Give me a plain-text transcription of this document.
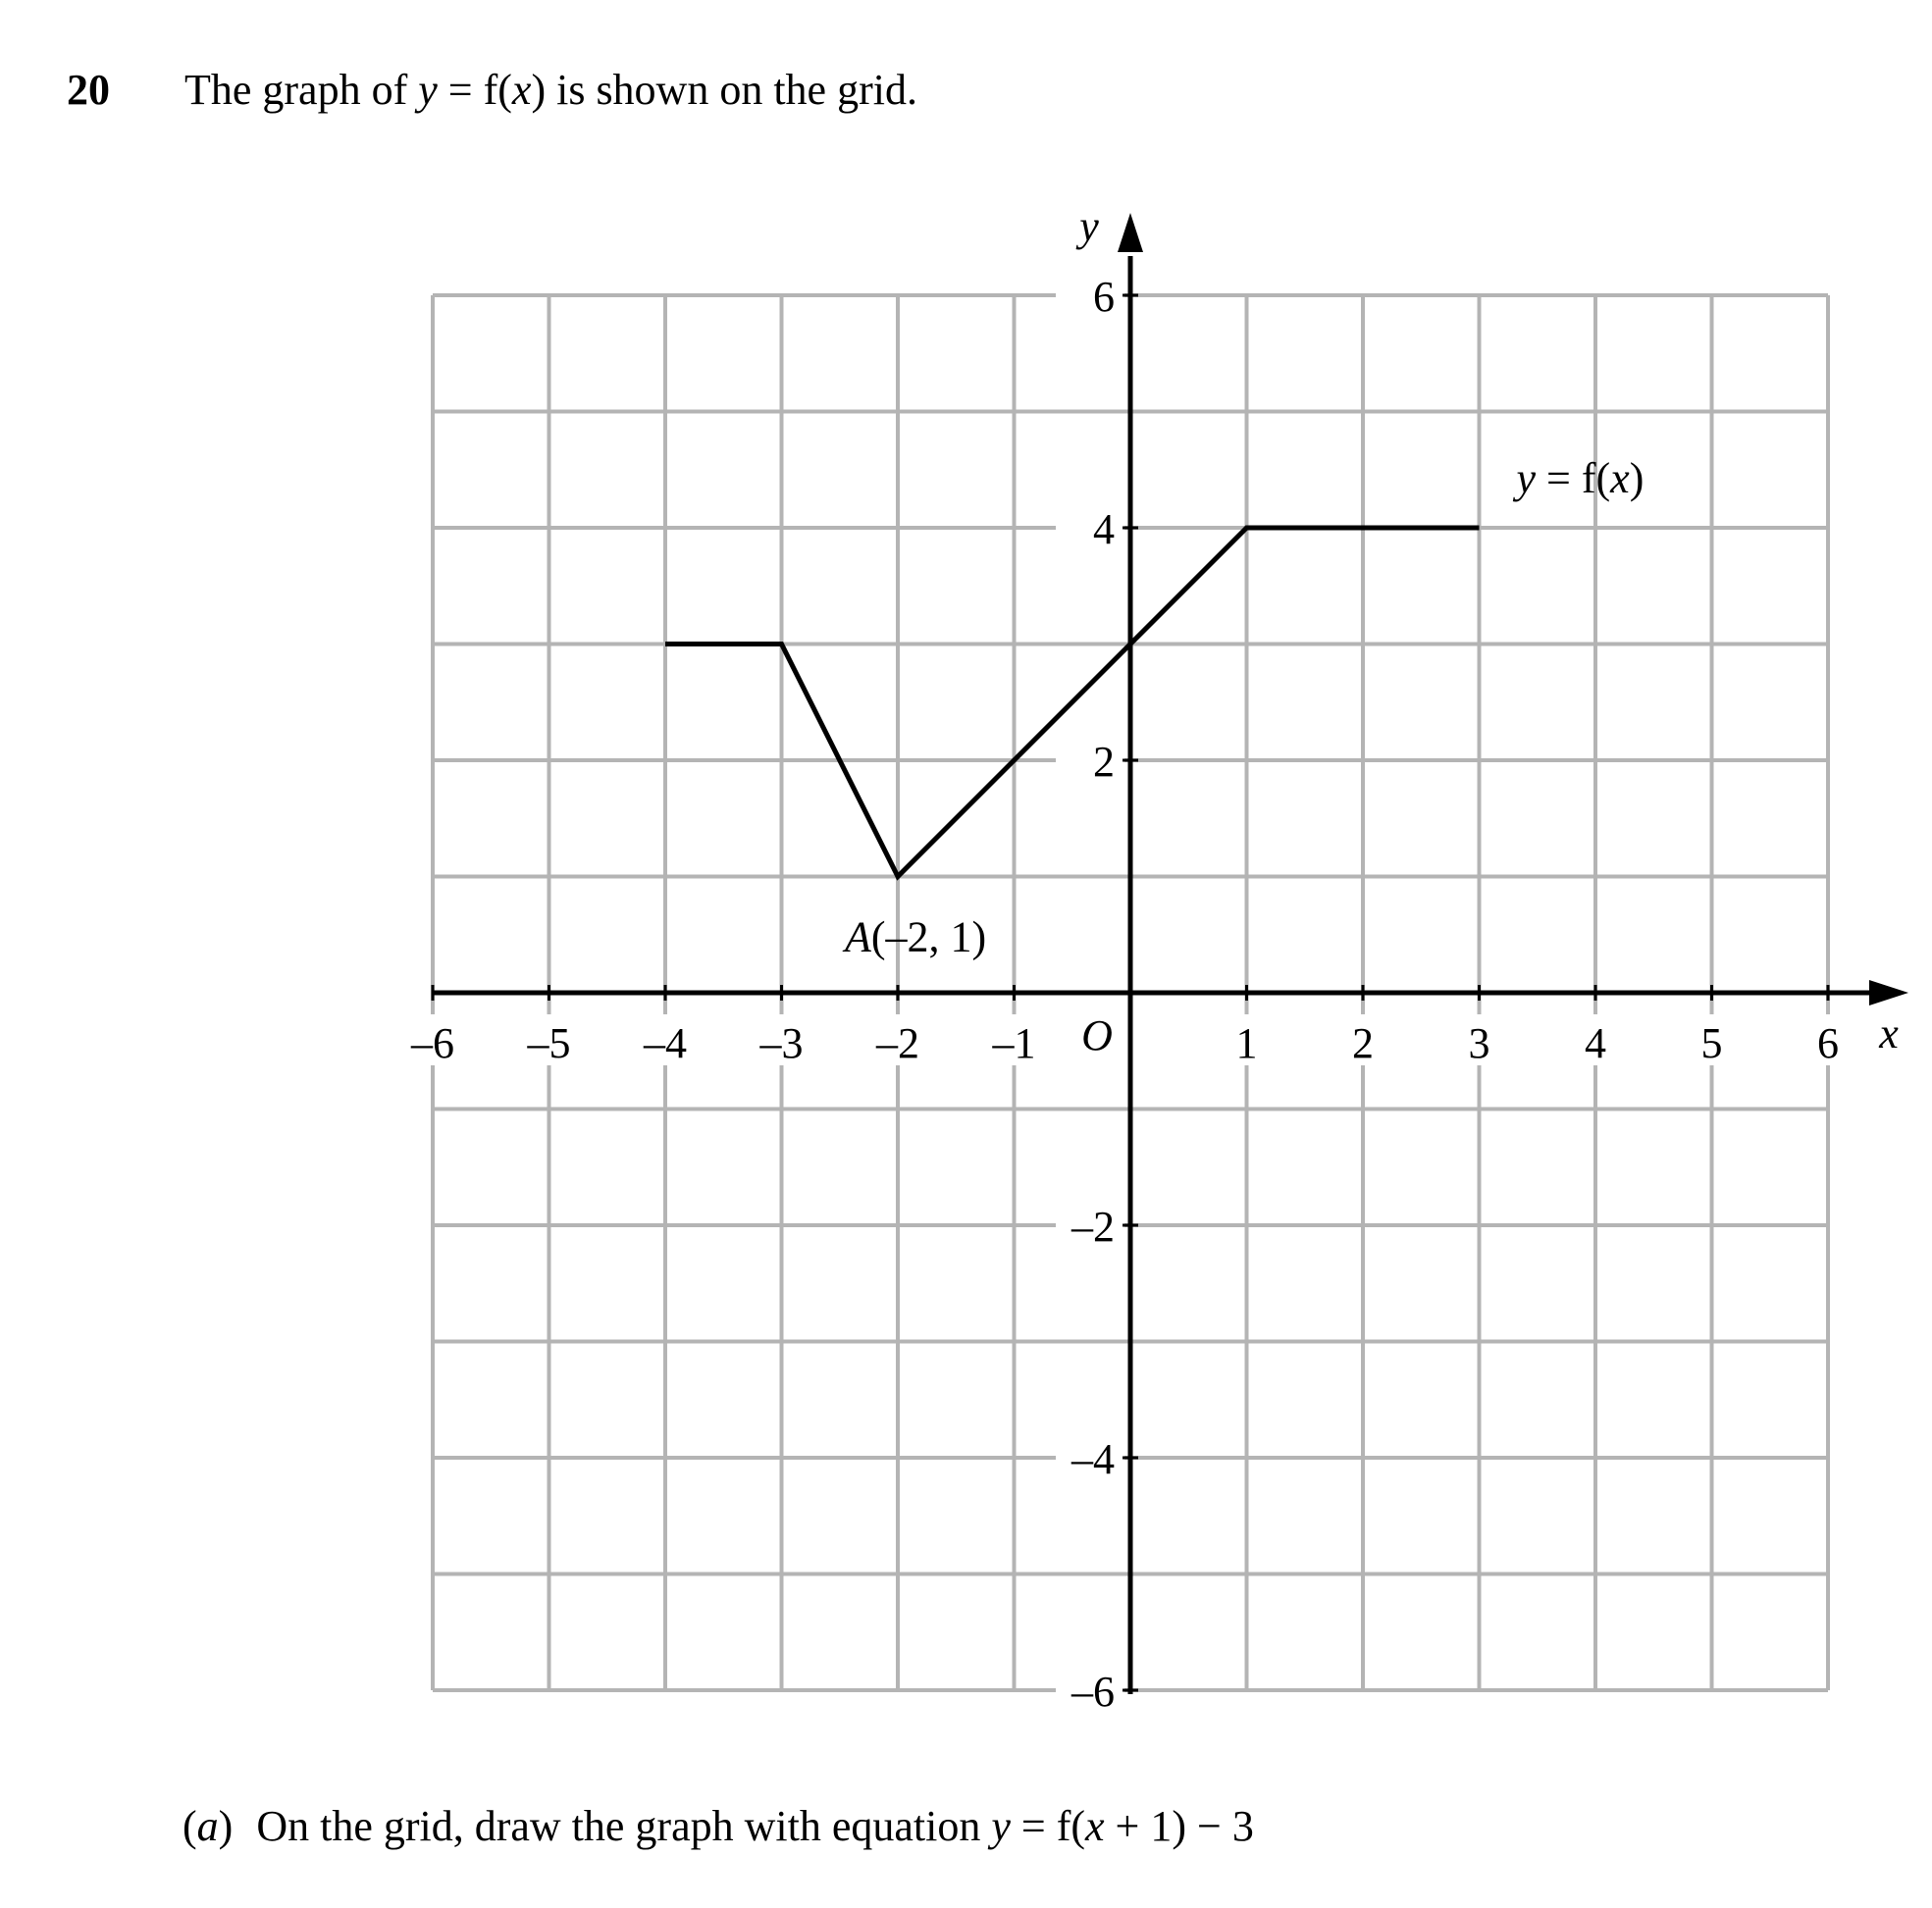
20 The graph of y = f(x) is shown on the grid.
–6 –5 –4 –3 –2 –1	1 2 3 4 5 6
6
4
2
–2
–4
–6
O	x
y
A(–2, 1)
y = f(x)
(a) On the grid, draw the graph with equation y = f(x + 1) − 3
